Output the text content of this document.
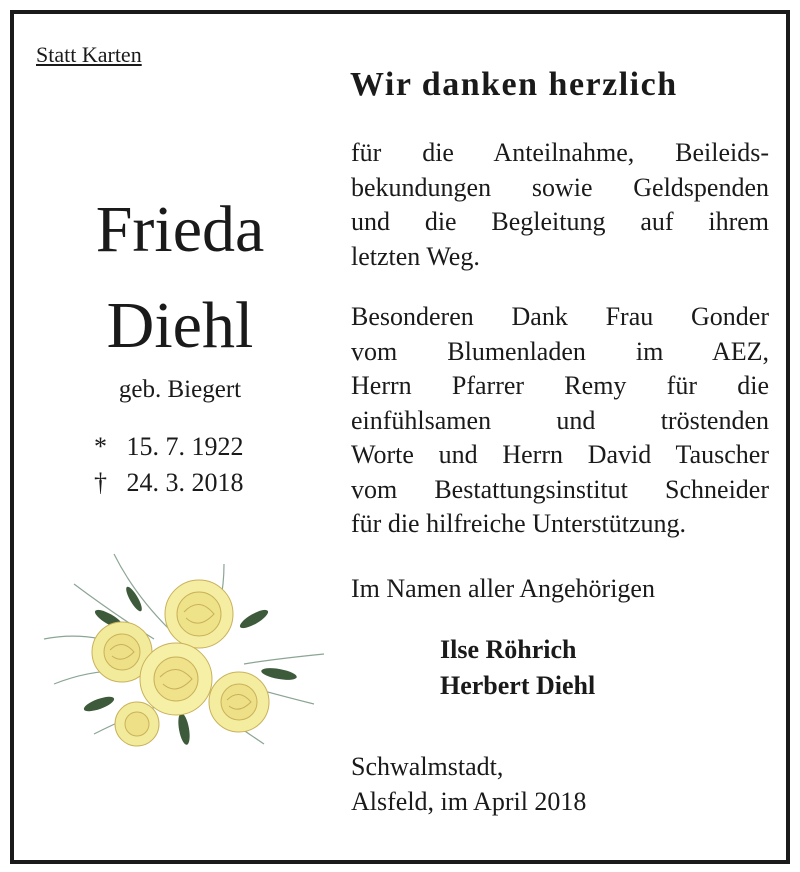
Statt Karten
Frieda
Diehl
geb. Biegert
* 15. 7. 1922
† 24. 3. 2018
Wir danken herzlich
für die Anteilnahme, Beileids-
bekundungen sowie Geldspenden
und die Begleitung auf ihrem
letzten Weg.
Besonderen Dank Frau Gonder
vom Blumenladen im AEZ,
Herrn Pfarrer Remy für die
einfühlsamen und tröstenden
Worte und Herrn David Tauscher
vom Bestattungsinstitut Schneider
für die hilfreiche Unterstützung.
Im Namen aller Angehörigen
Ilse Röhrich
Herbert Diehl
Schwalmstadt,
Alsfeld, im April 2018
